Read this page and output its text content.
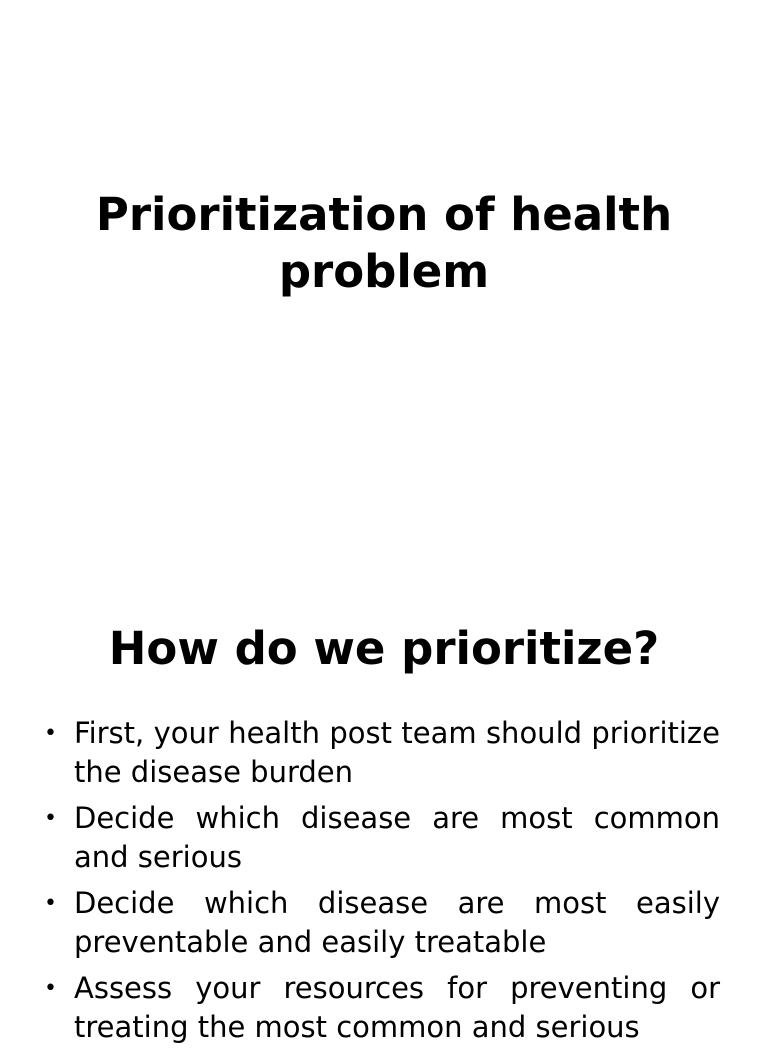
Prioritization of health problem
How do we prioritize?
• First, your health post team should prioritize the disease burden
• Decide which disease are most common and serious
• Decide which disease are most easily preventable and easily treatable
• Assess your resources for preventing or treating the most common and serious
